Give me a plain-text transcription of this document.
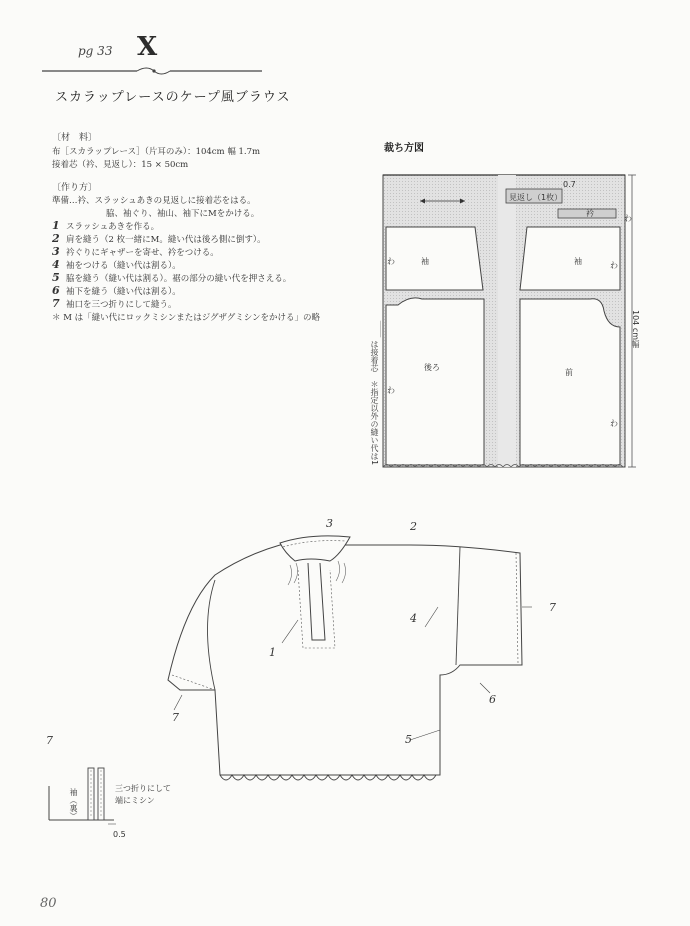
pg 33 X
スカラップレースのケープ風ブラウス
〔材　料〕
布［スカラップレース］（片耳のみ）：104cm 幅 1.7m
接着芯（衿、見返し）：15 × 50cm
〔作り方〕
準備…衿、スラッシュあきの見返しに接着芯をはる。
脇、袖ぐり、袖山、袖下にMをかける。
1 スラッシュあきを作る。
2 肩を縫う（2 枚一緒にM。縫い代は後ろ側に倒す）。
3 衿ぐりにギャザーを寄せ、衿をつける。
4 袖をつける（縫い代は割る）。
5 脇を縫う（縫い代は割る）。裾の部分の縫い代を押さえる。
6 袖下を縫う（縫い代は割る）。
7 袖口を三つ折りにして縫う。
＊ M は「縫い代にロックミシンまたはジグザグミシンをかける」の略
裁ち方図
見返し（1枚）
0.7
衿
袖	袖
後ろ
前
わ	わ
わ
わ
わ
104 cm幅
は接着芯
＊指定以外の縫い代は1
3	2
4
7
1
6
7
5
7
袖（裏）	三つ折りにして
端にミシン
0.5
80
